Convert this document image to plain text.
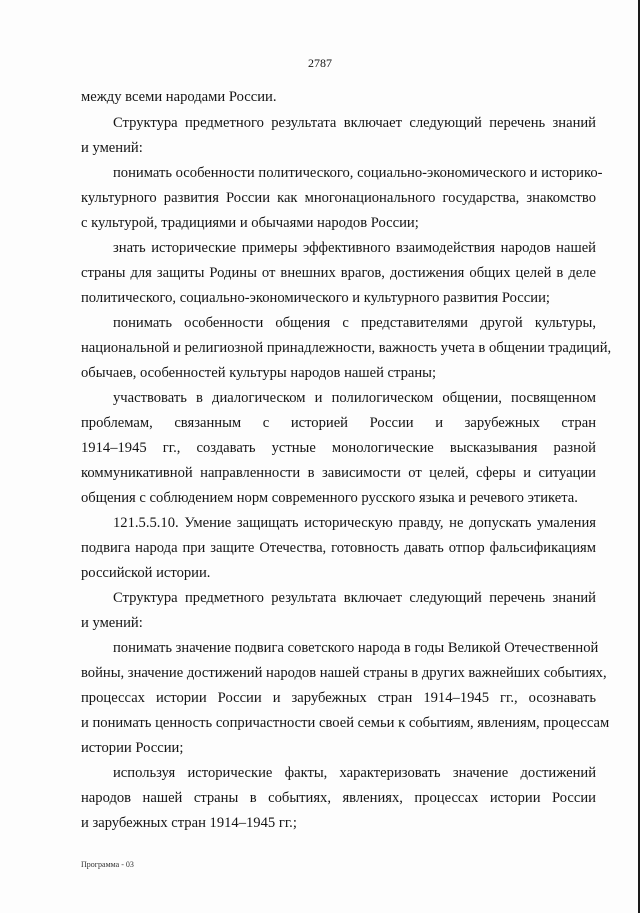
2787
между всеми народами России.
Структура предметного результата включает следующий перечень знаний
и умений:
понимать особенности политического, социально-экономического и историко-
культурного развития России как многонационального государства, знакомство
с культурой, традициями и обычаями народов России;
знать исторические примеры эффективного взаимодействия народов нашей
страны для защиты Родины от внешних врагов, достижения общих целей в деле
политического, социально-экономического и культурного развития России;
понимать особенности общения с представителями другой культуры,
национальной и религиозной принадлежности, важность учета в общении традиций,
обычаев, особенностей культуры народов нашей страны;
участвовать в диалогическом и полилогическом общении, посвященном
проблемам, связанным с историей России и зарубежных стран
1914–1945 гг., создавать устные монологические высказывания разной
коммуникативной направленности в зависимости от целей, сферы и ситуации
общения с соблюдением норм современного русского языка и речевого этикета.
121.5.5.10. Умение защищать историческую правду, не допускать умаления
подвига народа при защите Отечества, готовность давать отпор фальсификациям
российской истории.
Структура предметного результата включает следующий перечень знаний
и умений:
понимать значение подвига советского народа в годы Великой Отечественной
войны, значение достижений народов нашей страны в других важнейших событиях,
процессах истории России и зарубежных стран 1914–1945 гг., осознавать
и понимать ценность сопричастности своей семьи к событиям, явлениям, процессам
истории России;
используя исторические факты, характеризовать значение достижений
народов нашей страны в событиях, явлениях, процессах истории России
и зарубежных стран 1914–1945 гг.;
Программа - 03
